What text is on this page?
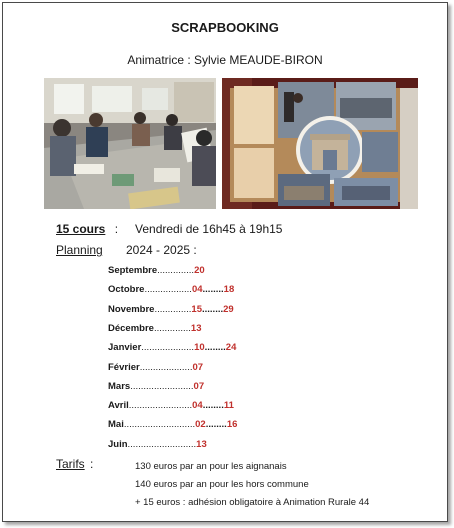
SCRAPBOOKING
Animatrice : Sylvie MEAUDE-BIRON
15 cours : Vendredi de 16h45 à 19h15
Planning 2024 - 2025 :
Septembre..............20
Octobre..................04........18
Novembre..............15........29
Décembre..............13
Janvier....................10........24
Février....................07
Mars........................07
Avril........................04........11
Mai...........................02........16
Juin..........................13
Tarifs :	130 euros par an pour les aignanais
140 euros par an pour les hors commune
+ 15 euros : adhésion obligatoire à Animation Rurale 44
